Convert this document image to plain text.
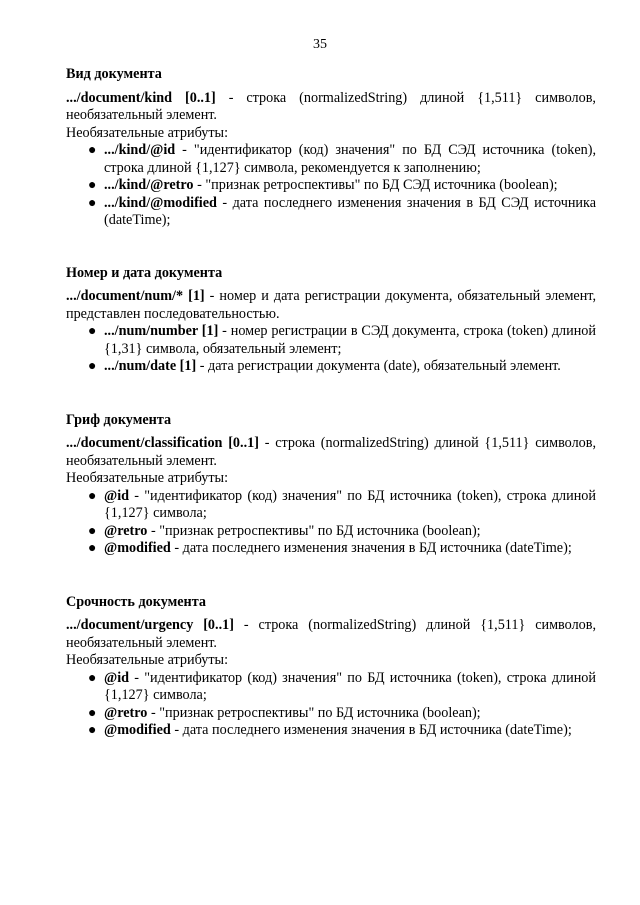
35

Вид документа

.../document/kind [0..1] - строка (normalizedString) длиной {1,511} символов, необязательный элемент.

Необязательные атрибуты:

● .../kind/@id - "идентификатор (код) значения" по БД СЭД источника (token), строка длиной {1,127} символа, рекомендуется к заполнению;
● .../kind/@retro - "признак ретроспективы" по БД СЭД источника (boolean);
● .../kind/@modified - дата последнего изменения значения в БД СЭД источника (dateTime);

Номер и дата документа

.../document/num/* [1] - номер и дата регистрации документа, обязательный элемент, представлен последовательностью.

● .../num/number [1] - номер регистрации в СЭД документа, строка (token) длиной {1,31} символа, обязательный элемент;
● .../num/date [1] - дата регистрации документа (date), обязательный элемент.

Гриф документа

.../document/classification [0..1] - строка (normalizedString) длиной {1,511} символов, необязательный элемент.

Необязательные атрибуты:

● @id - "идентификатор (код) значения" по БД источника (token), строка длиной {1,127} символа;
● @retro - "признак ретроспективы" по БД источника (boolean);
● @modified - дата последнего изменения значения в БД источника (dateTime);

Срочность документа

.../document/urgency [0..1] - строка (normalizedString) длиной {1,511} символов, необязательный элемент.

Необязательные атрибуты:

● @id - "идентификатор (код) значения" по БД источника (token), строка длиной {1,127} символа;
● @retro - "признак ретроспективы" по БД источника (boolean);
● @modified - дата последнего изменения значения в БД источника (dateTime);
